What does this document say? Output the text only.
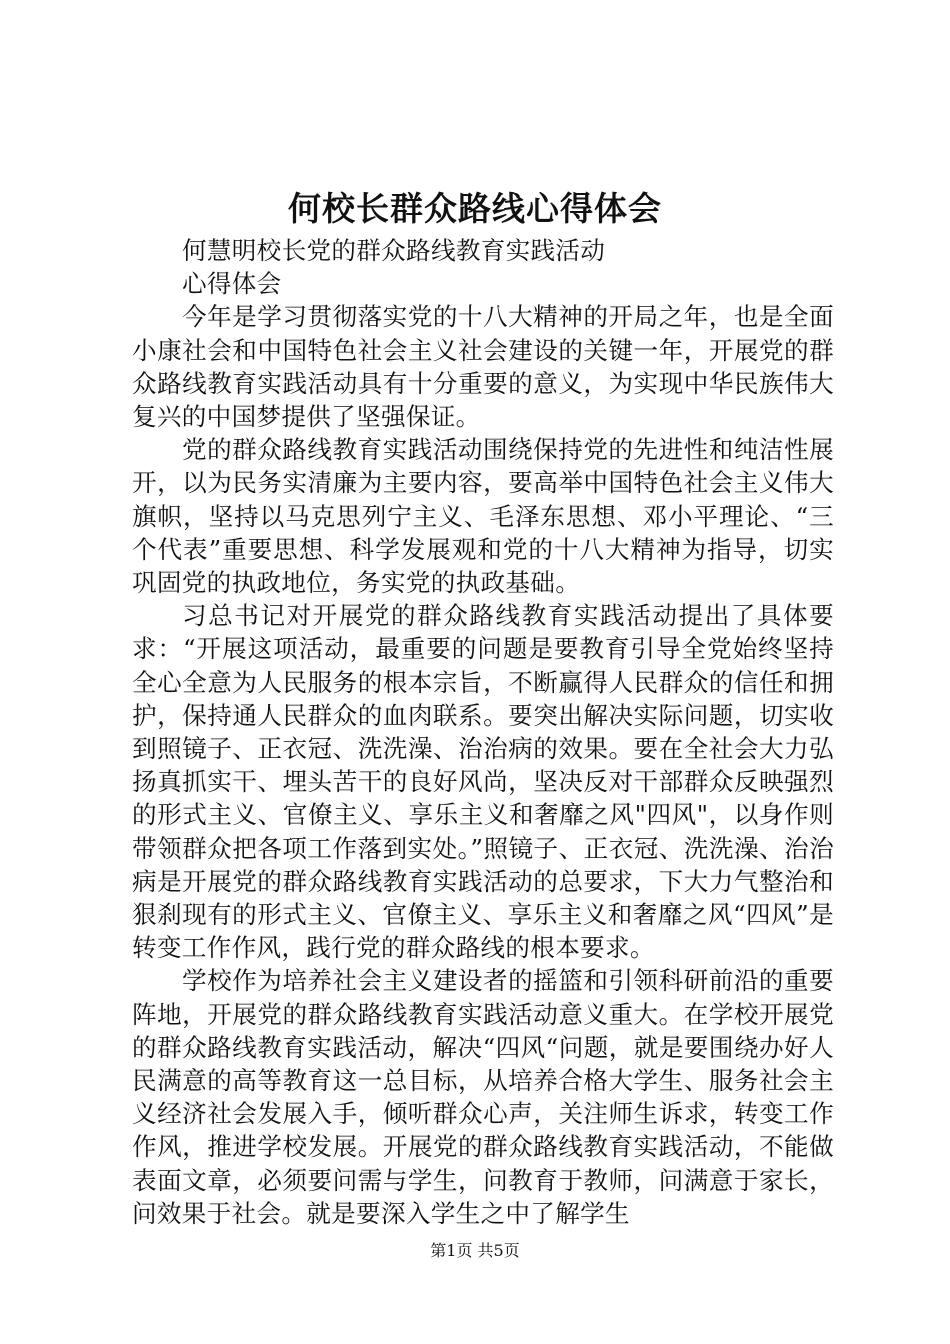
何校长群众路线心得体会

何慧明校长党的群众路线教育实践活动

心得体会

今年是学习贯彻落实党的十八大精神的开局之年，也是全面小康社会和中国特色社会主义社会建设的关键一年，开展党的群众路线教育实践活动具有十分重要的意义，为实现中华民族伟大复兴的中国梦提供了坚强保证。

党的群众路线教育实践活动围绕保持党的先进性和纯洁性展开，以为民务实清廉为主要内容，要高举中国特色社会主义伟大旗帜，坚持以马克思列宁主义、毛泽东思想、邓小平理论、“三个代表”重要思想、科学发展观和党的十八大精神为指导，切实巩固党的执政地位，务实党的执政基础。

习总书记对开展党的群众路线教育实践活动提出了具体要求：“开展这项活动，最重要的问题是要教育引导全党始终坚持全心全意为人民服务的根本宗旨，不断赢得人民群众的信任和拥护，保持通人民群众的血肉联系。要突出解决实际问题，切实收到照镜子、正衣冠、洗洗澡、治治病的效果。要在全社会大力弘扬真抓实干、埋头苦干的良好风尚，坚决反对干部群众反映强烈的形式主义、官僚主义、享乐主义和奢靡之风"四风"，以身作则带领群众把各项工作落到实处。”照镜子、正衣冠、洗洗澡、治治病是开展党的群众路线教育实践活动的总要求，下大力气整治和狠刹现有的形式主义、官僚主义、享乐主义和奢靡之风“四风”是转变工作作风，践行党的群众路线的根本要求。

学校作为培养社会主义建设者的摇篮和引领科研前沿的重要阵地，开展党的群众路线教育实践活动意义重大。在学校开展党的群众路线教育实践活动，解决“四风“问题，就是要围绕办好人民满意的高等教育这一总目标，从培养合格大学生、服务社会主义经济社会发展入手，倾听群众心声，关注师生诉求，转变工作作风，推进学校发展。开展党的群众路线教育实践活动，不能做表面文章，必须要问需与学生，问教育于教师，问满意于家长，问效果于社会。就是要深入学生之中了解学生

第1页 共5页
